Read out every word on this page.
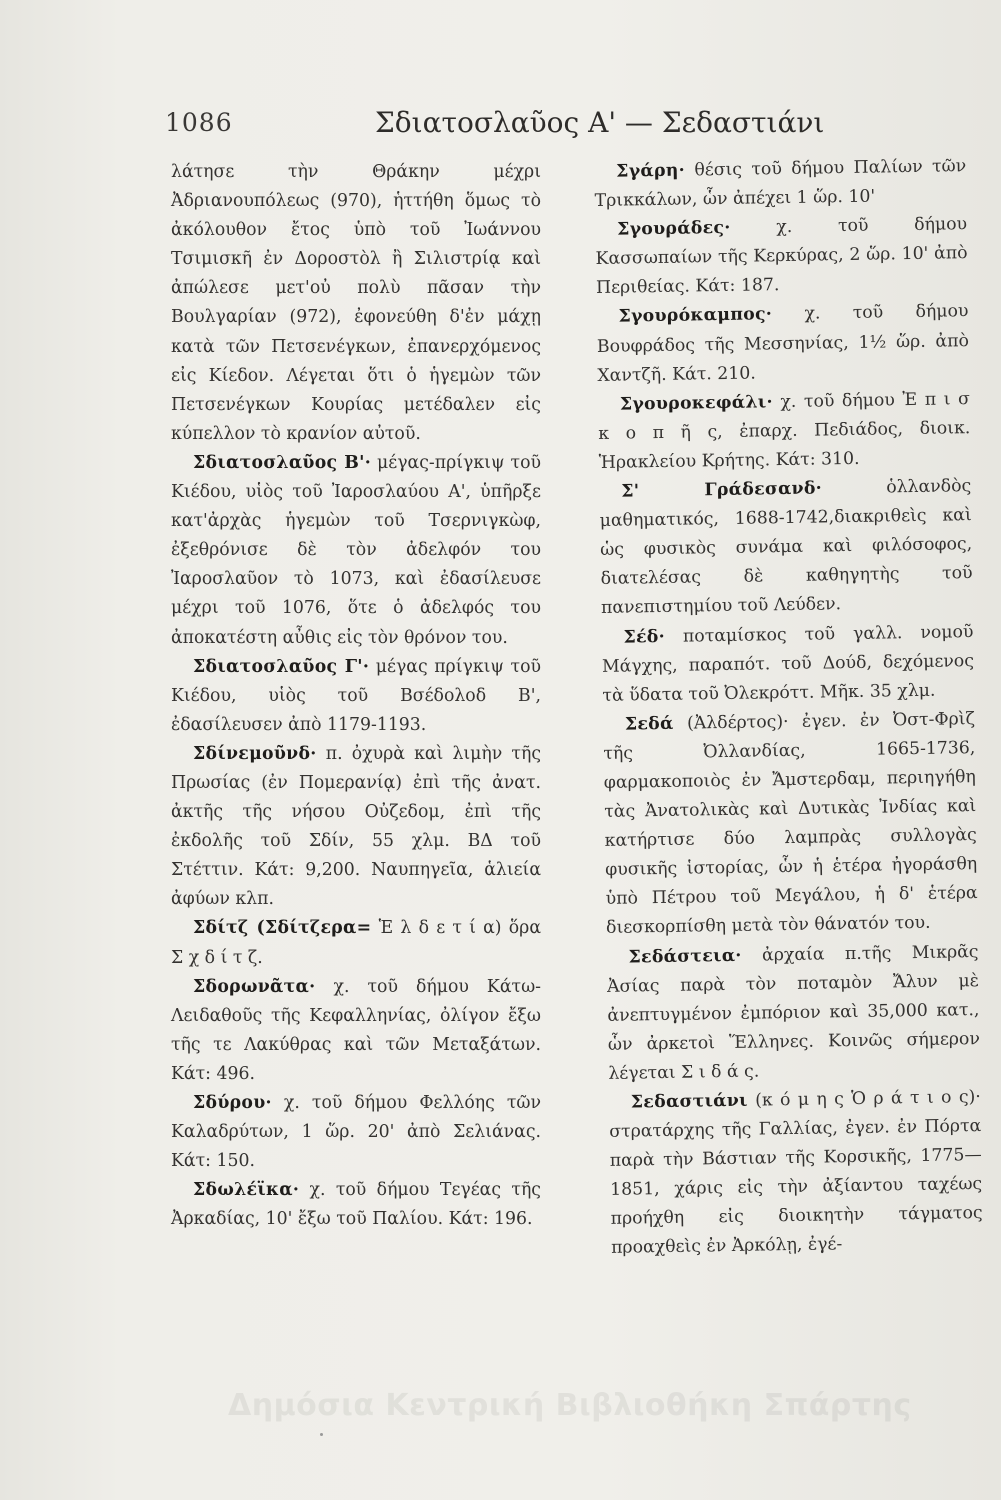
1086	Σδιατοσλαῦος Α' — Σεδαστιάνι

λάτησε τὴν Θράκην μέχρι Ἀδριανουπόλεως (970), ἡττήθη ὅμως τὸ ἀκόλουθον ἔτος ὑπὸ τοῦ Ἰωάννου Τσιμισκῆ ἐν Δοροστὸλ ἢ Σιλιστρίᾳ καὶ ἀπώλεσε μετ'οὐ πολὺ πᾶσαν τὴν Βουλγαρίαν (972), ἐφονεύθη δ'ἐν μάχῃ κατὰ τῶν Πετσενέγκων, ἐπανερχόμενος εἰς Κίεδον. Λέγεται ὅτι ὁ ἡγεμὼν τῶν Πετσενέγκων Κουρίας μετέδαλεν εἰς κύπελλον τὸ κρανίον αὐτοῦ.

Σδιατοσλαῦος Β'· μέγας-πρίγκιψ τοῦ Κιέδου, υἱὸς τοῦ Ἰαροσλαύου Α', ὑπῆρξε κατ'ἀρχὰς ἡγεμὼν τοῦ Τσερνιγκὼφ, ἐξεθρόνισε δὲ τὸν ἀδελφόν του Ἰαροσλαῦον τὸ 1073, καὶ ἐδασίλευσε μέχρι τοῦ 1076, ὅτε ὁ ἀδελφός του ἀποκατέστη αὖθις εἰς τὸν θρόνον του.

Σδιατοσλαῦος Γ'· μέγας πρίγκιψ τοῦ Κιέδου, υἱὸς τοῦ Βσέδολοδ Β', ἐδασίλευσεν ἀπὸ 1179-1193.

Σδίνεμοῦνδ· π. ὀχυρὰ καὶ λιμὴν τῆς Πρωσίας (ἐν Πομερανίᾳ) ἐπὶ τῆς ἀνατ. ἀκτῆς τῆς νήσου Οὐζεδομ, ἐπὶ τῆς ἐκδολῆς τοῦ Σδίν, 55 χλμ. ΒΔ τοῦ Στέττιν. Κάτ: 9,200. Ναυπηγεῖα, ἁλιεία ἀφύων κλπ.

Σδίτζ (Σδίτζερα= Ἑ λ δ ε τ ί α) ὅρα Σ χ δ ί τ ζ.

Σδορωνᾶτα· χ. τοῦ δήμου Κάτω-Λειδαθοῦς τῆς Κεφαλληνίας, ὀλίγον ἔξω τῆς τε Λακύθρας καὶ τῶν Μεταξάτων. Κάτ: 496.

Σδύρου· χ. τοῦ δήμου Φελλόης τῶν Καλαδρύτων, 1 ὥρ. 20' ἀπὸ Σελιάνας. Κάτ: 150.

Σδωλέϊκα· χ. τοῦ δήμου Τεγέας τῆς Ἀρκαδίας, 10' ἔξω τοῦ Παλίου. Κάτ: 196.

Σγάρη· θέσις τοῦ δήμου Παλίων τῶν Τρικκάλων, ὧν ἀπέχει 1 ὥρ. 10'

Σγουράδες·	χ. τοῦ δήμου Κασσωπαίων τῆς Κερκύρας, 2 ὥρ. 10' ἀπὸ Περιθείας. Κάτ: 187.

Σγουρόκαμπος· χ. τοῦ δήμου Βουφράδος τῆς Μεσσηνίας, 1½ ὥρ. ἀπὸ Χαντζῆ. Κάτ. 210.

Σγουροκεφάλι· χ. τοῦ δήμου Ἐ π ι σ κ ο π ῆ ς, ἐπαρχ. Πεδιάδος, διοικ. Ἡρακλείου Κρήτης. Κάτ: 310.

Σ' Γράδεσανδ·	ὁλλανδὸς μαθηματικός, 1688-1742,διακριθεὶς καὶ ὡς φυσικὸς συνάμα καὶ φιλόσοφος, διατελέσας δὲ καθηγητὴς τοῦ πανεπιστημίου τοῦ Λεύδεν.

Σέδ· ποταμίσκος τοῦ γαλλ. νομοῦ Μάγχης, παραπότ. τοῦ Δούδ, δεχόμενος τὰ ὕδατα τοῦ Ὀλεκρόττ. Μῆκ. 35 χλμ.

Σεδά (Ἀλδέρτος)· ἐγεν. ἐν Ὀστ-Φρὶζ τῆς Ὀλλανδίας, 1665-1736, φαρμακοποιὸς ἐν Ἄμστερδαμ, περιηγήθη τὰς Ἀνατολικὰς καὶ Δυτικὰς Ἰνδίας καὶ κατήρτισε δύο λαμπρὰς συλλογὰς φυσικῆς ἱστορίας, ὧν ἡ ἑτέρα ἠγοράσθη ὑπὸ Πέτρου τοῦ Μεγάλου, ἡ δ' ἑτέρα διεσκορπίσθη μετὰ τὸν θάνατόν του.

Σεδάστεια· ἀρχαία π.τῆς Μικρᾶς Ἀσίας παρὰ τὸν ποταμὸν Ἄλυν μὲ ἀνεπτυγμένον ἐμπόριον καὶ 35,000 κατ., ὧν ἀρκετοὶ Ἕλληνες. Κοινῶς σήμερον λέγεται Σ ι δ ά ς.

Σεδαστιάνι (κ ό μ η ς Ὁ ρ ά τ ι ο ς)· στρατάρχης τῆς Γαλλίας, ἐγεν. ἐν Πόρτα παρὰ τὴν Βάστιαν τῆς Κορσικῆς, 1775—1851, χάρις εἰς τὴν ἀξίαντου ταχέως προήχθη εἰς διοικητὴν τάγματος προαχθεὶς ἐν Ἀρκόλῃ, ἐγέ-

Δημόσια Κεντρική Βιβλιοθήκη Σπάρτης
